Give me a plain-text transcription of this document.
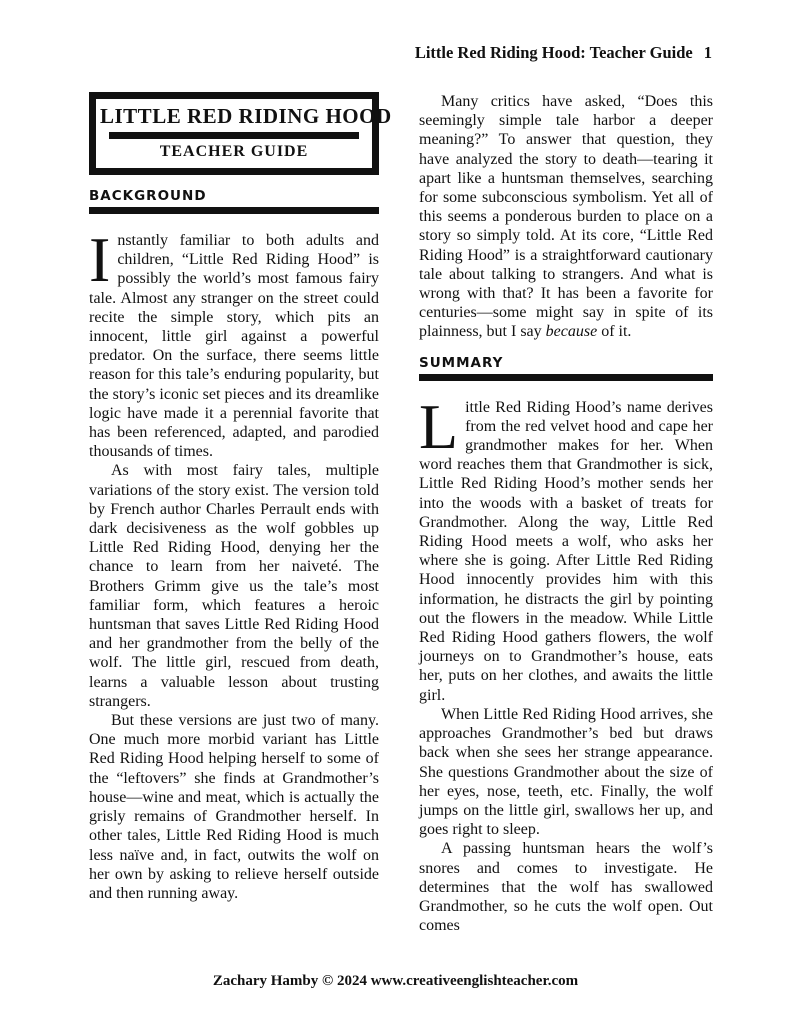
Little Red Riding Hood: Teacher Guide 1
LITTLE RED RIDING HOOD
TEACHER GUIDE
BACKGROUND

Instantly familiar to both adults and children, “Little Red Riding Hood” is possibly the world’s most famous fairy tale. Almost any stranger on the street could recite the simple story, which pits an innocent, little girl against a powerful predator. On the surface, there seems little reason for this tale’s enduring popularity, but the story’s iconic set pieces and its dreamlike logic have made it a perennial favorite that has been referenced, adapted, and parodied thousands of times.

As with most fairy tales, multiple variations of the story exist. The version told by French author Charles Perrault ends with dark decisiveness as the wolf gobbles up Little Red Riding Hood, denying her the chance to learn from her naiveté. The Brothers Grimm give us the tale’s most familiar form, which features a heroic huntsman that saves Little Red Riding Hood and her grandmother from the belly of the wolf. The little girl, rescued from death, learns a valuable lesson about trusting strangers.

But these versions are just two of many. One much more morbid variant has Little Red Riding Hood helping herself to some of the “leftovers” she finds at Grandmother’s house—wine and meat, which is actually the grisly remains of Grandmother herself. In other tales, Little Red Riding Hood is much less naïve and, in fact, outwits the wolf on her own by asking to relieve herself outside and then running away.

Many critics have asked, “Does this seemingly simple tale harbor a deeper meaning?” To answer that question, they have analyzed the story to death—tearing it apart like a huntsman themselves, searching for some subconscious symbolism. Yet all of this seems a ponderous burden to place on a story so simply told. At its core, “Little Red Riding Hood” is a straightforward cautionary tale about talking to strangers. And what is wrong with that? It has been a favorite for centuries—some might say in spite of its plainness, but I say because of it.

SUMMARY

Little Red Riding Hood’s name derives from the red velvet hood and cape her grandmother makes for her. When word reaches them that Grandmother is sick, Little Red Riding Hood’s mother sends her into the woods with a basket of treats for Grandmother. Along the way, Little Red Riding Hood meets a wolf, who asks her where she is going. After Little Red Riding Hood innocently provides him with this information, he distracts the girl by pointing out the flowers in the meadow. While Little Red Riding Hood gathers flowers, the wolf journeys on to Grandmother’s house, eats her, puts on her clothes, and awaits the little girl.

When Little Red Riding Hood arrives, she approaches Grandmother’s bed but draws back when she sees her strange appearance. She questions Grandmother about the size of her eyes, nose, teeth, etc. Finally, the wolf jumps on the little girl, swallows her up, and goes right to sleep.

A passing huntsman hears the wolf’s snores and comes to investigate. He determines that the wolf has swallowed Grandmother, so he cuts the wolf open. Out comes

Zachary Hamby © 2024 www.creativeenglishteacher.com
